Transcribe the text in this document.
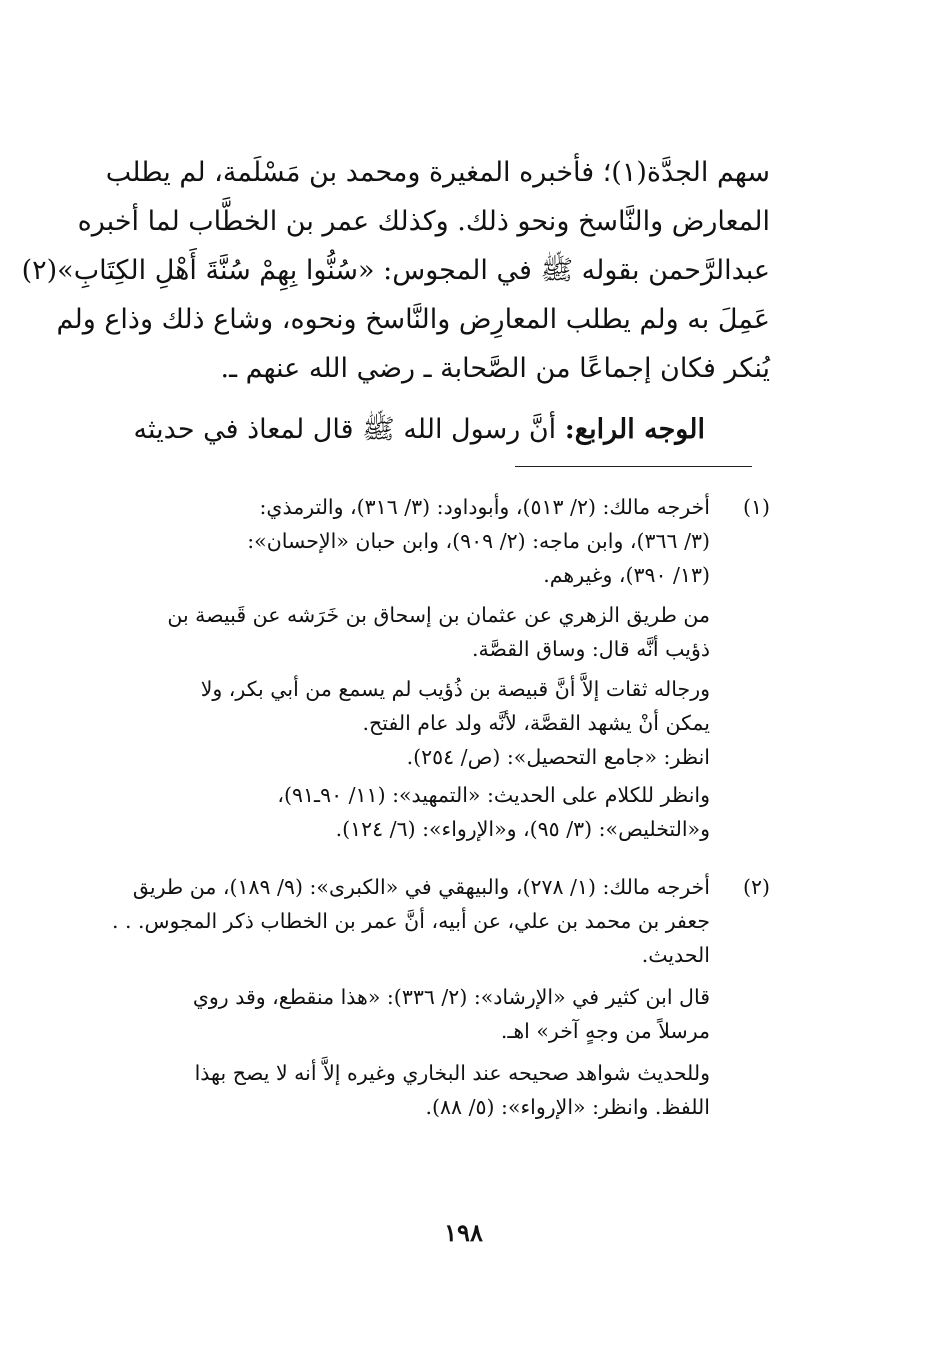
سهم الجدَّة(١)؛ فأخبره المغيرة ومحمد بن مَسْلَمة، لم يطلب
المعارض والنَّاسخ ونحو ذلك. وكذلك عمر بن الخطَّاب لما أخبره
عبدالرَّحمن بقوله ﷺ في المجوس: «سُنُّوا بِهِمْ سُنَّةَ أَهْلِ الكِتَابِ»(٢)
عَمِلَ به ولم يطلب المعارِض والنَّاسخ ونحوه، وشاع ذلك وذاع ولم
يُنكر فكان إجماعًا من الصَّحابة ـ رضي الله عنهم ـ.
الوجه الرابع: أنَّ رسول الله ﷺ قال لمعاذ في حديثه
(١)
أخرجه مالك: (٢/ ٥١٣)، وأبوداود: (٣/ ٣١٦)، والترمذي:
(٣/ ٣٦٦)، وابن ماجه: (٢/ ٩٠٩)، وابن حبان «الإحسان»:
(١٣/ ٣٩٠)، وغيرهم.
من طريق الزهري عن عثمان بن إسحاق بن خَرَشه عن قَبيصة بن
ذؤيب أنَّه قال: وساق القصَّة.
ورجاله ثقات إلاَّ أنَّ قبيصة بن ذُؤيب لم يسمع من أبي بكر، ولا
يمكن أنْ يشهد القصَّة، لأنَّه ولد عام الفتح.
انظر: «جامع التحصيل»: (ص/ ٢٥٤).
وانظر للكلام على الحديث: «التمهيد»: (١١/ ٩٠ـ٩١)،
و«التخليص»: (٣/ ٩٥)، و«الإرواء»: (٦/ ١٢٤).
(٢)
أخرجه مالك: (١/ ٢٧٨)، والبيهقي في «الكبرى»: (٩/ ١٨٩)، من طريق
جعفر بن محمد بن علي، عن أبيه، أنَّ عمر بن الخطاب ذكر المجوس. . .
الحديث.
قال ابن كثير في «الإرشاد»: (٢/ ٣٣٦): «هذا منقطع، وقد روي
مرسلاً من وجهٍ آخر» اهـ.
وللحديث شواهد صحيحه عند البخاري وغيره إلاَّ أنه لا يصح بهذا
اللفظ. وانظر: «الإرواء»: (٥/ ٨٨).
١٩٨
